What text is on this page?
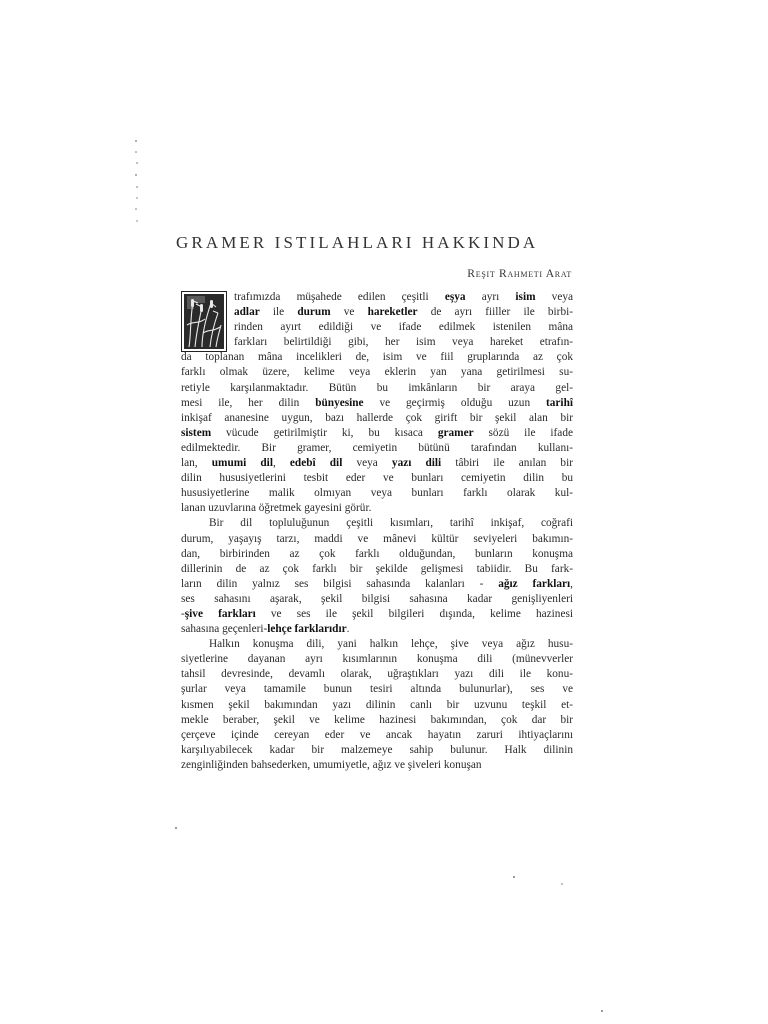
GRAMER ISTILAHLARI HAKKINDA
Reşit Rahmeti Arat
trafımızda müşahede edilen çeşitli eşya ayrı isim veya
adlar ile durum ve hareketler de ayrı fiiller ile birbi-
rinden ayırt edildiği ve ifade edilmek istenilen mâna
farkları belirtildiği gibi, her isim veya hareket etrafın-
da toplanan mâna incelikleri de, isim ve fiil gruplarında az çok
farklı olmak üzere, kelime veya eklerin yan yana getirilmesi su-
retiyle karşılanmaktadır. Bütün bu imkânların bir araya gel-
mesi ile, her dilin bünyesine ve geçirmiş olduğu uzun tarihî
inkişaf ananesine uygun, bazı hallerde çok girift bir şekil alan bir
sistem vücude getirilmiştir ki, bu kısaca gramer sözü ile ifade
edilmektedir. Bir gramer, cemiyetin bütünü tarafından kullanı-
lan, umumi dil, edebî dil veya yazı dili tâbiri ile anılan bir
dilin hususiyetlerini tesbit eder ve bunları cemiyetin dilin bu
hususiyetlerine malik olmıyan veya bunları farklı olarak kul-
lanan uzuvlarına öğretmek gayesini görür.
Bir dil topluluğunun çeşitli kısımları, tarihî inkişaf, coğrafi
durum, yaşayış tarzı, maddi ve mânevi kültür seviyeleri bakımın-
dan, birbirinden az çok farklı olduğundan, bunların konuşma
dillerinin de az çok farklı bir şekilde gelişmesi tabiidir. Bu fark-
ların dilin yalnız ses bilgisi sahasında kalanları - ağız farkları,
ses sahasını aşarak, şekil bilgisi sahasına kadar genişliyenleri
-şive farkları ve ses ile şekil bilgileri dışında, kelime hazinesi
sahasına geçenleri-lehçe farklarıdır.
Halkın konuşma dili, yani halkın lehçe, şive veya ağız husu-
siyetlerine dayanan ayrı kısımlarının konuşma dili (münevverler
tahsil devresinde, devamlı olarak, uğraştıkları yazı dili ile konu-
şurlar veya tamamile bunun tesiri altında bulunurlar), ses ve
kısmen şekil bakımından yazı dilinin canlı bir uzvunu teşkil et-
mekle beraber, şekil ve kelime hazinesi bakımından, çok dar bir
çerçeve içinde cereyan eder ve ancak hayatın zaruri ihtiyaçlarını
karşılıyabilecek kadar bir malzemeye sahip bulunur. Halk dilinin
zenginliğinden bahsederken, umumiyetle, ağız ve şiveleri konuşan
